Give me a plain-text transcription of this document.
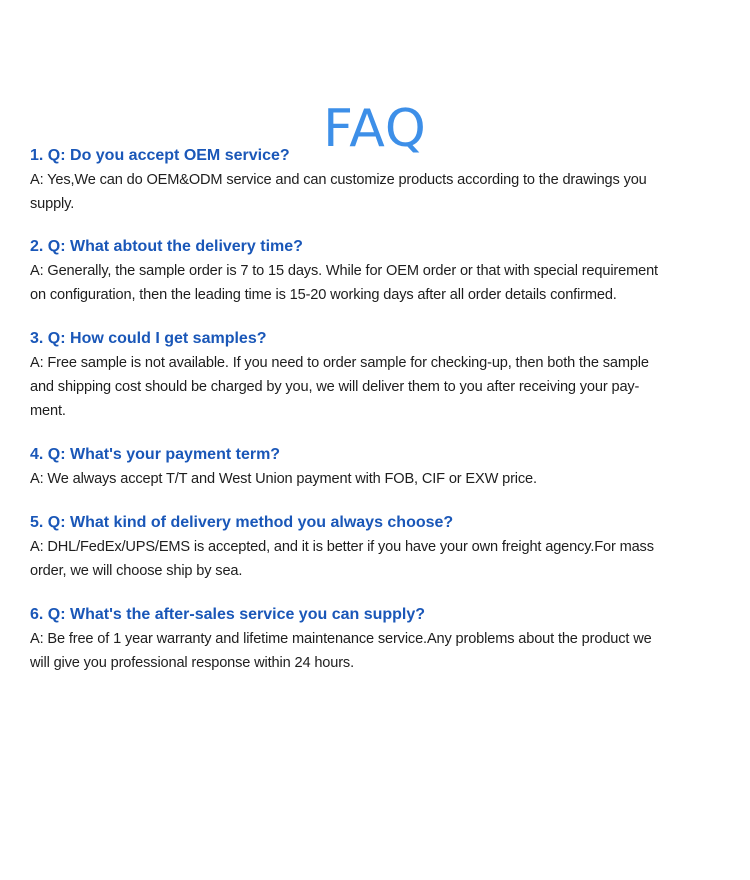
FAQ

1. Q: Do you accept OEM service?

A: Yes,We can do OEM&ODM service and can customize products according to the drawings you
supply.

2. Q: What abtout the delivery time?

A: Generally, the sample order is 7 to 15 days. While for OEM order or that with special requirement
on configuration, then the leading time is 15-20 working days after all order details confirmed.

3. Q: How could I get samples?

A: Free sample is not available. If you need to order sample for checking-up, then both the sample
and shipping cost should be charged by you, we will deliver them to you after receiving your pay-
ment.

4. Q: What's your payment term?

A: We always accept T/T and West Union payment with FOB, CIF or EXW price.

5. Q: What kind of delivery method you always choose?

A: DHL/FedEx/UPS/EMS is accepted, and it is better if you have your own freight agency.For mass
order, we will choose ship by sea.

6. Q: What's the after-sales service you can supply?

A: Be free of 1 year warranty and lifetime maintenance service.Any problems about the product we
will give you professional response within 24 hours.
